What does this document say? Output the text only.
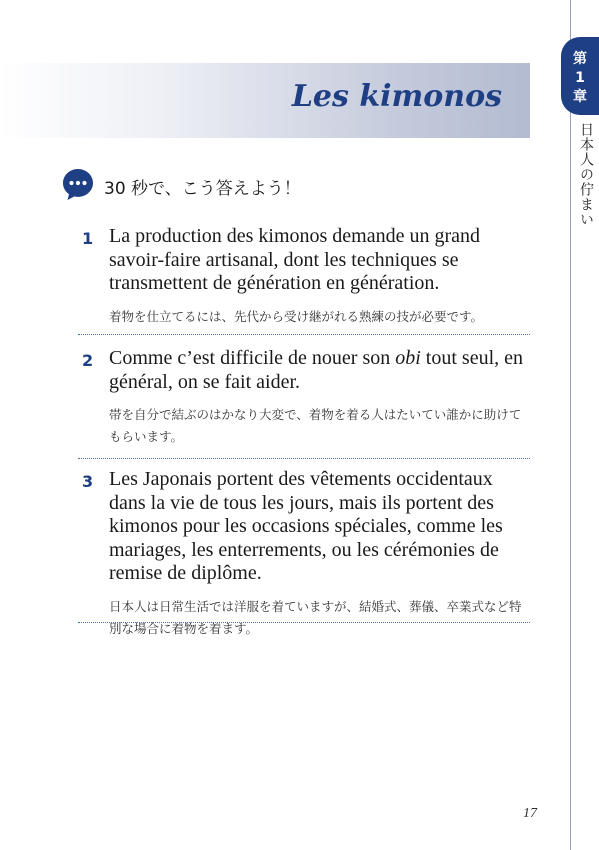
第
1
章
日本人の佇まい
Les kimonos
30 秒で、こう答えよう！
1 La production des kimonos demande un grand savoir-faire artisanal, dont les techniques se transmettent de génération en génération.

着物を仕立てるには、先代から受け継がれる熟練の技が必要です。

2 Comme c’est difficile de nouer son obi tout seul, en général, on se fait aider.

帯を自分で結ぶのはかなり大変で、着物を着る人はたいてい誰かに助けてもらいます。

3 Les Japonais portent des vêtements occidentaux dans la vie de tous les jours, mais ils portent des kimonos pour les occasions spéciales, comme les mariages, les enterrements, ou les cérémonies de remise de diplôme.

日本人は日常生活では洋服を着ていますが、結婚式、葬儀、卒業式など特別な場合に着物を着ます。

17
